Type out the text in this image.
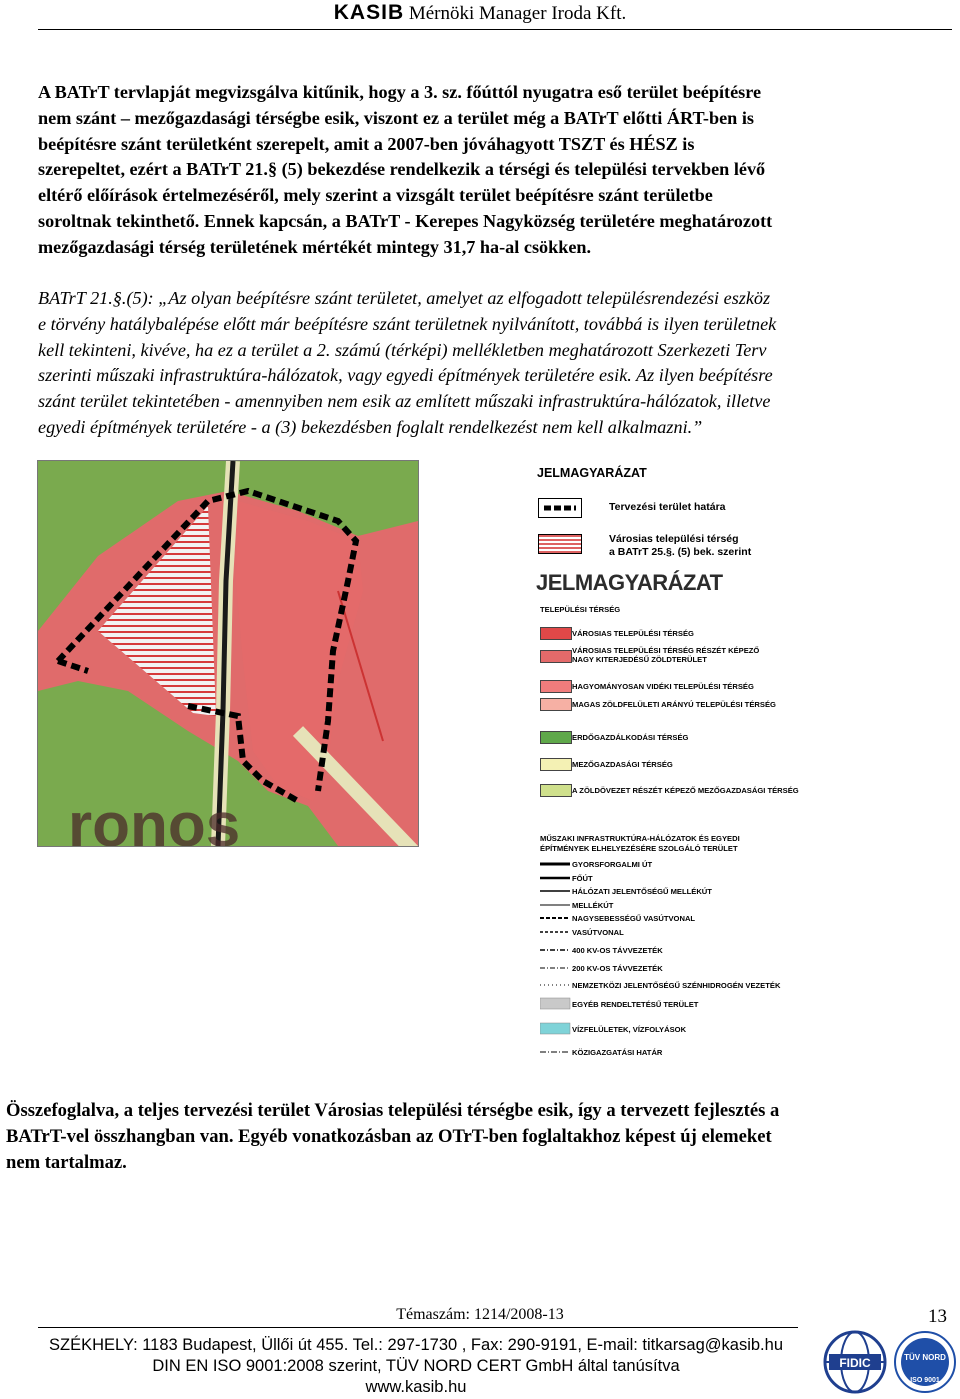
KASIB Mérnöki Manager Iroda Kft.
A BATrT tervlapját megvizsgálva kitűnik, hogy a 3. sz. főúttól nyugatra eső terület beépítésre
nem szánt – mezőgazdasági térségbe esik, viszont ez a terület még a BATrT előtti ÁRT-ben is
beépítésre szánt területként szerepelt, amit a 2007-ben jóváhagyott TSZT és HÉSZ is
szerepeltet, ezért a BATrT 21.§ (5) bekezdése rendelkezik a térségi és települési tervekben lévő
eltérő előírások értelmezéséről, mely szerint a vizsgált terület beépítésre szánt területbe
soroltnak tekinthető. Ennek kapcsán, a BATrT - Kerepes Nagyközség területére meghatározott
mezőgazdasági térség területének mértékét mintegy 31,7 ha-al csökken.
BATrT 21.§.(5): „Az olyan beépítésre szánt területet, amelyet az elfogadott településrendezési eszköz
e törvény hatálybalépése előtt már beépítésre szánt területnek nyilvánított, továbbá is ilyen területnek
kell tekinteni, kivéve, ha ez a terület a 2. számú (térképi) mellékletben meghatározott Szerkezeti Terv
szerinti műszaki infrastruktúra-hálózatok, vagy egyedi építmények területére esik. Az ilyen beépítésre
szánt terület tekintetében - amennyiben nem esik az említett műszaki infrastruktúra-hálózatok, illetve
egyedi építmények területére - a (3) bekezdésben foglalt rendelkezést nem kell alkalmazni.”
ronos
JELMAGYARÁZAT
Tervezési terület határa
Városias települési térség
a BATrT 25.§. (5) bek. szerint
JELMAGYARÁZAT
TELEPÜLÉSI TÉRSÉG
VÁROSIAS TELEPÜLÉSI TÉRSÉG
VÁROSIAS TELEPÜLÉSI TÉRSÉG RÉSZÉT KÉPEZŐ
NAGY KITERJEDÉSŰ ZÖLDTERÜLET
HAGYOMÁNYOSAN VIDÉKI TELEPÜLÉSI TÉRSÉG
MAGAS ZÖLDFELÜLETI ARÁNYÚ TELEPÜLÉSI TÉRSÉG
ERDŐGAZDÁLKODÁSI TÉRSÉG
MEZŐGAZDASÁGI TÉRSÉG
A ZÖLDÖVEZET RÉSZÉT KÉPEZŐ MEZŐGAZDASÁGI TÉRSÉG
MŰSZAKI INFRASTRUKTÚRA-HÁLÓZATOK ÉS EGYEDI
ÉPÍTMÉNYEK ELHELYEZÉSÉRE SZOLGÁLÓ TERÜLET
GYORSFORGALMI ÚT
FŐÚT
HÁLÓZATI JELENTŐSÉGŰ MELLÉKÚT
MELLÉKÚT
NAGYSEBESSÉGŰ VASÚTVONAL
VASÚTVONAL
400 KV-OS TÁVVEZETÉK
200 KV-OS TÁVVEZETÉK
NEMZETKÖZI JELENTŐSÉGŰ SZÉNHIDROGÉN VEZETÉK
EGYÉB RENDELTETÉSŰ TERÜLET
VÍZFELÜLETEK, VÍZFOLYÁSOK
KÖZIGAZGATÁSI HATÁR
Összefoglalva, a teljes tervezési terület Városias települési térségbe esik, így a tervezett fejlesztés a
BATrT-vel összhangban van. Egyéb vonatkozásban az OTrT-ben foglaltakhoz képest új elemeket
nem tartalmaz.
Témaszám: 1214/2008-13	13
SZÉKHELY: 1183 Budapest, Üllői út 455. Tel.: 297-1730 , Fax: 290-9191, E-mail: titkarsag@kasib.hu
DIN EN ISO 9001:2008 szerint, TÜV NORD CERT GmbH által tanúsítva
www.kasib.hu
FIDIC	TÜV NORD
ISO 9001
